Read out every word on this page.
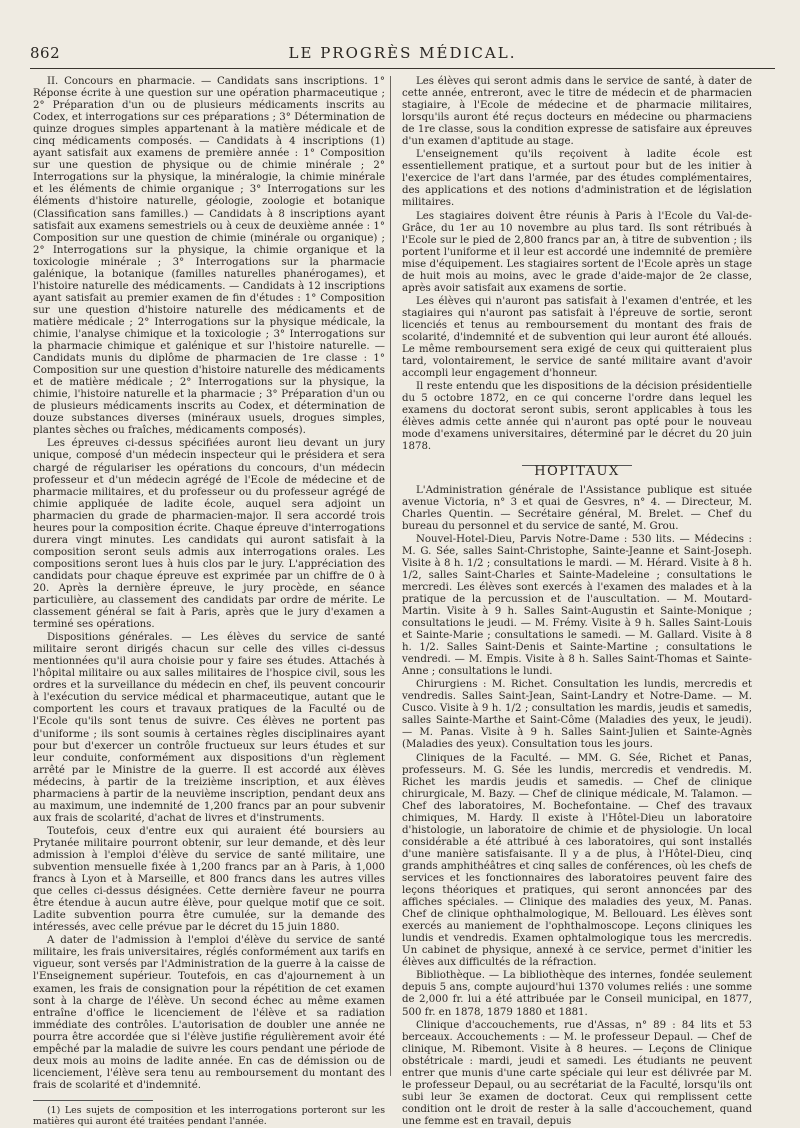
862	LE PROGRÈS MÉDICAL.

II. Concours en pharmacie. — Candidats sans inscriptions. 1° Réponse écrite à une question sur une opération pharmaceutique ; 2° Préparation d'un ou de plusieurs médicaments inscrits au Codex, et interrogations sur ces préparations ; 3° Détermination de quinze drogues simples appartenant à la matière médicale et de cinq médicaments composés. — Candidats à 4 inscriptions (1) ayant satisfait aux examens de première année : 1° Composition sur une question de physique ou de chimie minérale ; 2° Interrogations sur la physique, la minéralogie, la chimie minérale et les éléments de chimie organique ; 3° Interrogations sur les éléments d'histoire naturelle, géologie, zoologie et botanique (Classification sans familles.) — Candidats à 8 inscriptions ayant satisfait aux examens semestriels ou à ceux de deuxième année : 1° Composition sur une question de chimie (minérale ou organique) ; 2° Interrogations sur la physique, la chimie organique et la toxicologie minérale ; 3° Interrogations sur la pharmacie galénique, la botanique (familles naturelles phanérogames), et l'histoire naturelle des médicaments. — Candidats à 12 inscriptions ayant satisfait au premier examen de fin d'études : 1° Composition sur une question d'histoire naturelle des médicaments et de matière médicale ; 2° Interrogations sur la physique médicale, la chimie, l'analyse chimique et la toxicologie ; 3° Interrogations sur la pharmacie chimique et galénique et sur l'histoire naturelle. — Candidats munis du diplôme de pharmacien de 1re classe : 1° Composition sur une question d'histoire naturelle des médicaments et de matière médicale ; 2° Interrogations sur la physique, la chimie, l'histoire naturelle et la pharmacie ; 3° Préparation d'un ou de plusieurs médicaments inscrits au Codex, et détermination de douze substances diverses (minéraux usuels, drogues simples, plantes sèches ou fraîches, médicaments composés).

Les épreuves ci-dessus spécifiées auront lieu devant un jury unique, composé d'un médecin inspecteur qui le présidera et sera chargé de régulariser les opérations du concours, d'un médecin professeur et d'un médecin agrégé de l'Ecole de médecine et de pharmacie militaires, et du professeur ou du professeur agrégé de chimie appliquée de ladite école, auquel sera adjoint un pharmacien du grade de pharmacien-major. Il sera accordé trois heures pour la composition écrite. Chaque épreuve d'interrogations durera vingt minutes. Les candidats qui auront satisfait à la composition seront seuls admis aux interrogations orales. Les compositions seront lues à huis clos par le jury. L'appréciation des candidats pour chaque épreuve est exprimée par un chiffre de 0 à 20. Après la dernière épreuve, le jury procède, en séance particulière, au classement des candidats par ordre de mérite. Le classement général se fait à Paris, après que le jury d'examen a terminé ses opérations.

Dispositions générales. — Les élèves du service de santé militaire seront dirigés chacun sur celle des villes ci-dessus mentionnées qu'il aura choisie pour y faire ses études. Attachés à l'hôpital militaire ou aux salles militaires de l'hospice civil, sous les ordres et la surveillance du médecin en chef, ils peuvent concourir à l'exécution du service médical et pharmaceutique, autant que le comportent les cours et travaux pratiques de la Faculté ou de l'Ecole qu'ils sont tenus de suivre. Ces élèves ne portent pas d'uniforme ; ils sont soumis à certaines règles disciplinaires ayant pour but d'exercer un contrôle fructueux sur leurs études et sur leur conduite, conformément aux dispositions d'un règlement arrêté par le Ministre de la guerre. Il est accordé aux élèves médecins, à partir de la treizième inscription, et aux élèves pharmaciens à partir de la neuvième inscription, pendant deux ans au maximum, une indemnité de 1,200 francs par an pour subvenir aux frais de scolarité, d'achat de livres et d'instruments.

Toutefois, ceux d'entre eux qui auraient été boursiers au Prytanée militaire pourront obtenir, sur leur demande, et dès leur admission à l'emploi d'élève du service de santé militaire, une subvention mensuelle fixée à 1,200 francs par an à Paris, à 1,000 francs à Lyon et à Marseille, et 800 francs dans les autres villes que celles ci-dessus désignées. Cette dernière faveur ne pourra être étendue à aucun autre élève, pour quelque motif que ce soit. Ladite subvention pourra être cumulée, sur la demande des intéressés, avec celle prévue par le décret du 15 juin 1880.

A dater de l'admission à l'emploi d'élève du service de santé militaire, les frais universitaires, réglés conformément aux tarifs en vigueur, sont versés par l'Administration de la guerre à la caisse de l'Enseignement supérieur. Toutefois, en cas d'ajournement à un examen, les frais de consignation pour la répétition de cet examen sont à la charge de l'élève. Un second échec au même examen entraîne d'office le licenciement de l'élève et sa radiation immédiate des contrôles. L'autorisation de doubler une année ne pourra être accordée que si l'élève justifie régulièrement avoir été empêché par la maladie de suivre les cours pendant une période de deux mois au moins de ladite année. En cas de démission ou de licenciement, l'élève sera tenu au remboursement du montant des frais de scolarité et d'indemnité.

(1) Les sujets de composition et les interrogations porteront sur les matières qui auront été traitées pendant l'année.

Les élèves qui seront admis dans le service de santé, à dater de cette année, entreront, avec le titre de médecin et de pharmacien stagiaire, à l'Ecole de médecine et de pharmacie militaires, lorsqu'ils auront été reçus docteurs en médecine ou pharmaciens de 1re classe, sous la condition expresse de satisfaire aux épreuves d'un examen d'aptitude au stage.

L'enseignement qu'ils reçoivent à ladite école est essentiellement pratique, et a surtout pour but de les initier à l'exercice de l'art dans l'armée, par des études complémentaires, des applications et des notions d'administration et de législation militaires.

Les stagiaires doivent être réunis à Paris à l'Ecole du Val-de-Grâce, du 1er au 10 novembre au plus tard. Ils sont rétribués à l'Ecole sur le pied de 2,800 francs par an, à titre de subvention ; ils portent l'uniforme et il leur est accordé une indemnité de première mise d'équipement. Les stagiaires sortent de l'Ecole après un stage de huit mois au moins, avec le grade d'aide-major de 2e classe, après avoir satisfait aux examens de sortie.

Les élèves qui n'auront pas satisfait à l'examen d'entrée, et les stagiaires qui n'auront pas satisfait à l'épreuve de sortie, seront licenciés et tenus au remboursement du montant des frais de scolarité, d'indemnité et de subvention qui leur auront été alloués. Le même remboursement sera exigé de ceux qui quitteraient plus tard, volontairement, le service de santé militaire avant d'avoir accompli leur engagement d'honneur.

Il reste entendu que les dispositions de la décision présidentielle du 5 octobre 1872, en ce qui concerne l'ordre dans lequel les examens du doctorat seront subis, seront applicables à tous les élèves admis cette année qui n'auront pas opté pour le nouveau mode d'examens universitaires, déterminé par le décret du 20 juin 1878.

HOPITAUX

L'Administration générale de l'Assistance publique est située avenue Victoria, n° 3 et quai de Gesvres, n° 4. — Directeur, M. Charles Quentin. — Secrétaire général, M. Brelet. — Chef du bureau du personnel et du service de santé, M. Grou.

Nouvel-Hotel-Dieu, Parvis Notre-Dame : 530 lits. — Médecins : M. G. Sée, salles Saint-Christophe, Sainte-Jeanne et Saint-Joseph. Visite à 8 h. 1/2 ; consultations le mardi. — M. Hérard. Visite à 8 h. 1/2, salles Saint-Charles et Sainte-Madeleine ; consultations le mercredi. Les élèves sont exercés à l'examen des malades et à la pratique de la percussion et de l'auscultation. — M. Moutard-Martin. Visite à 9 h. Salles Saint-Augustin et Sainte-Monique ; consultations le jeudi. — M. Frémy. Visite à 9 h. Salles Saint-Louis et Sainte-Marie ; consultations le samedi. — M. Gallard. Visite à 8 h. 1/2. Salles Saint-Denis et Sainte-Martine ; consultations le vendredi. — M. Empis. Visite à 8 h. Salles Saint-Thomas et Sainte-Anne ; consultations le lundi.

Chirurgiens : M. Richet. Consultation les lundis, mercredis et vendredis. Salles Saint-Jean, Saint-Landry et Notre-Dame. — M. Cusco. Visite à 9 h. 1/2 ; consultation les mardis, jeudis et samedis, salles Sainte-Marthe et Saint-Côme (Maladies des yeux, le jeudi). — M. Panas. Visite à 9 h. Salles Saint-Julien et Sainte-Agnès (Maladies des yeux). Consultation tous les jours.

Cliniques de la Faculté. — MM. G. Sée, Richet et Panas, professeurs. M. G. Sée les lundis, mercredis et vendredis. M. Richet les mardis jeudis et samedis. — Chef de clinique chirurgicale, M. Bazy. — Chef de clinique médicale, M. Talamon. — Chef des laboratoires, M. Bochefontaine. — Chef des travaux chimiques, M. Hardy. Il existe à l'Hôtel-Dieu un laboratoire d'histologie, un laboratoire de chimie et de physiologie. Un local considérable a été attribué à ces laboratoires, qui sont installés d'une manière satisfaisante. Il y a de plus, à l'Hôtel-Dieu, cinq grands amphithéâtres et cinq salles de conférences, où les chefs de services et les fonctionnaires des laboratoires peuvent faire des leçons théoriques et pratiques, qui seront annoncées par des affiches spéciales. — Clinique des maladies des yeux, M. Panas. Chef de clinique ophthalmologique, M. Bellouard. Les élèves sont exercés au maniement de l'ophthalmoscope. Leçons cliniques les lundis et vendredis. Examen ophtalmologique tous les mercredis. Un cabinet de physique, annexé à ce service, permet d'initier les élèves aux difficultés de la réfraction.

Bibliothèque. — La bibliothèque des internes, fondée seulement depuis 5 ans, compte aujourd'hui 1370 volumes reliés : une somme de 2,000 fr. lui a été attribuée par le Conseil municipal, en 1877, 500 fr. en 1878, 1879 1880 et 1881.

Clinique d'accouchements, rue d'Assas, n° 89 : 84 lits et 53 berceaux. Accouchements : — M. le professeur Depaul. — Chef de clinique, M. Ribemont. Visite à 8 heures. — Leçons de Clinique obstétricale : mardi, jeudi et samedi. Les étudiants ne peuvent entrer que munis d'une carte spéciale qui leur est délivrée par M. le professeur Depaul, ou au secrétariat de la Faculté, lorsqu'ils ont subi leur 3e examen de doctorat. Ceux qui remplissent cette condition ont le droit de rester à la salle d'accouchement, quand une femme est en travail, depuis
